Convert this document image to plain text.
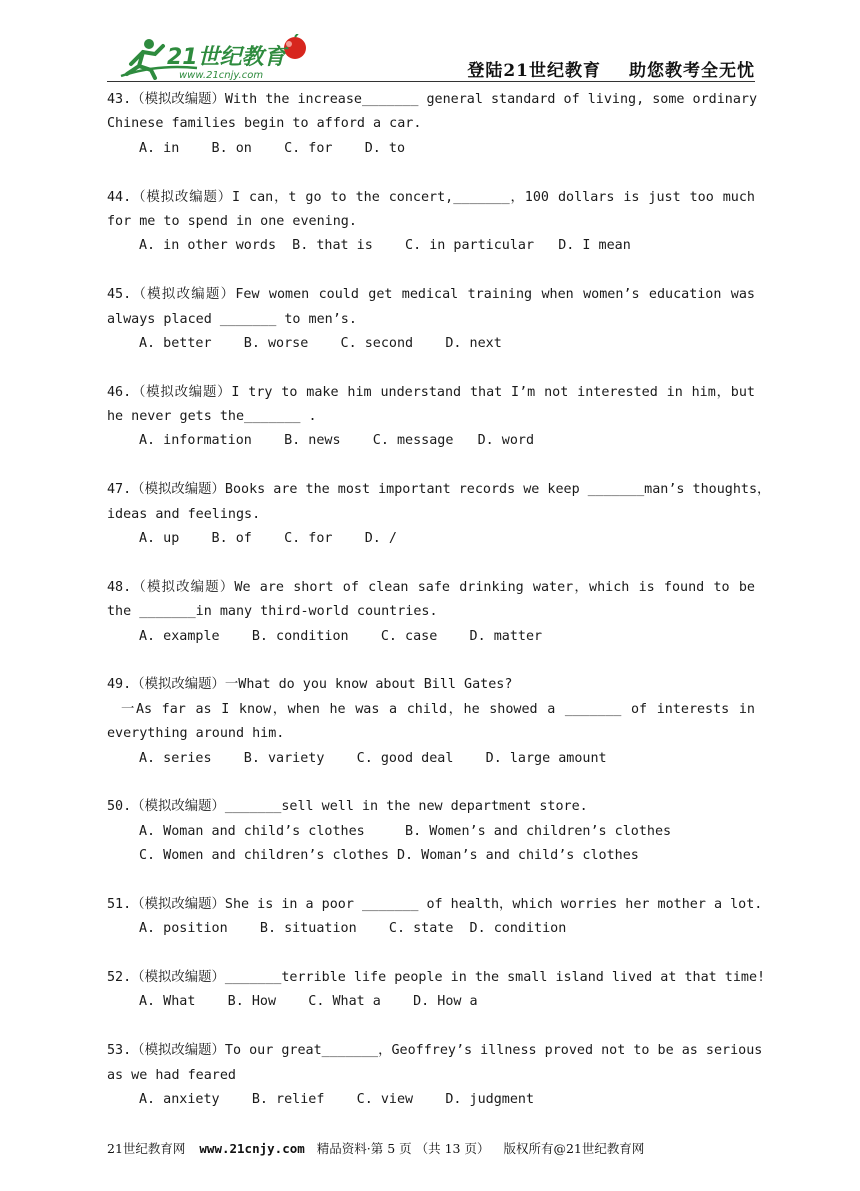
21世纪教育
www.21cnjy.com	登陆21世纪教育 助您教考全无忧
43.（模拟改编题）With the increase_______ general standard of living, some ordinary
Chinese families begin to afford a car.
A. in    B. on    C. for    D. to
44.（模拟改编题）I can，t go to the concert,_______，100 dollars is just too much
for me to spend in one evening.
A. in other words  B. that is    C. in particular   D. I mean
45.（模拟改编题）Few women could get medical training when women’s education was
always placed _______ to men’s.
A. better    B. worse    C. second    D. next
46.（模拟改编题）I try to make him understand that I’m not interested in him，but
he never gets the_______ .
A. information    B. news    C. message   D. word
47.（模拟改编题）Books are the most important records we keep _______man’s thoughts，
ideas and feelings.
A. up    B. of    C. for    D. /
48.（模拟改编题）We are short of clean safe drinking water，which is found to be
the _______in many third-world countries.
A. example    B. condition    C. case    D. matter
49.（模拟改编题）一What do you know about Bill Gates?
一As far as I know，when he was a child，he showed a _______ of interests in
everything around him.
A. series    B. variety    C. good deal    D. large amount
50.（模拟改编题）_______sell well in the new department store.
A. Woman and child’s clothes     B. Women’s and children’s clothes
C. Women and children’s clothes D. Woman’s and child’s clothes
51.（模拟改编题）She is in a poor _______ of health，which worries her mother a lot.
A. position    B. situation    C. state  D. condition
52.（模拟改编题）_______terrible life people in the small island lived at that time!
A. What    B. How    C. What a    D. How a
53.（模拟改编题）To our great_______，Geoffrey’s illness proved not to be as serious
as we had feared
A. anxiety    B. relief    C. view    D. judgment
21世纪教育网 www.21cnjy.com 精品资料·第 5 页 （共 13 页） 版权所有@21世纪教育网
